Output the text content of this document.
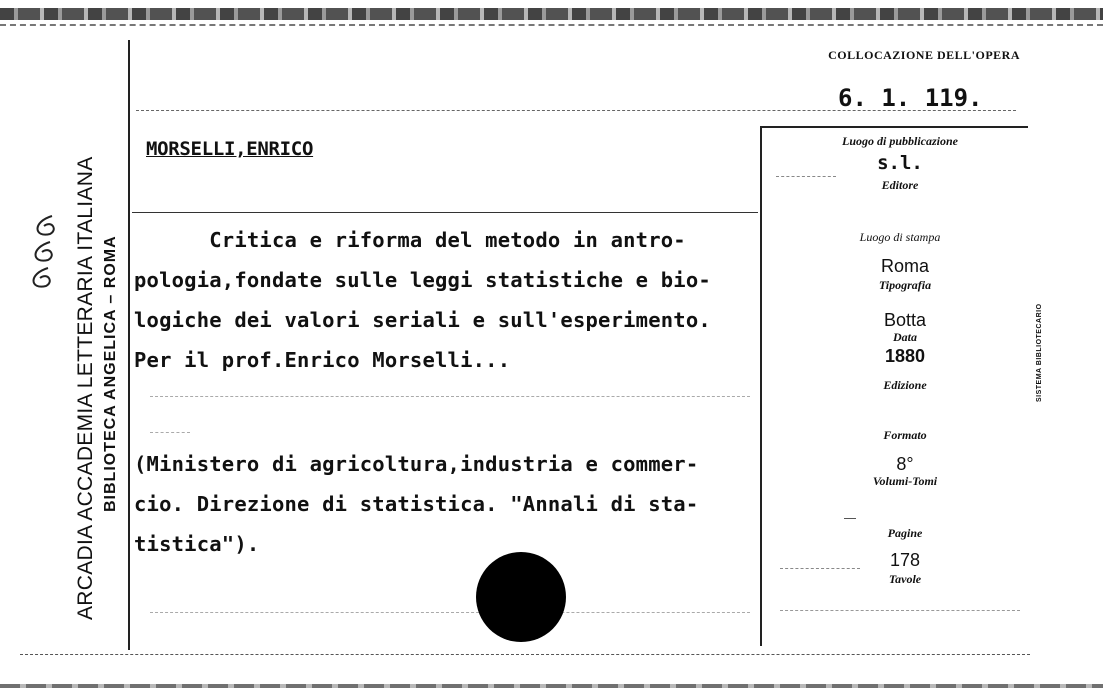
ARCADIA ACCADEMIA LETTERARIA ITALIANA BIBLIOTECA ANGELICA – ROMA
COLLOCAZIONE DELL'OPERA
6. 1. 119.
MORSELLI,ENRICO
Critica e riforma del metodo in antro-
pologia,fondate sulle leggi statistiche e bio-
logiche dei valori seriali e sull'esperimento.
Per il prof.Enrico Morselli...
(Ministero di agricoltura,industria e commer-
cio. Direzione di statistica. "Annali di sta-
tistica").
Luogo di pubblicazione
s.l.
Editore
Luogo di stampa
Roma
Tipografia
Botta
Data
1880
Edizione
Formato
8°
Volumi-Tomi
Pagine
178
Tavole
SISTEMA BIBLIOTECARIO
